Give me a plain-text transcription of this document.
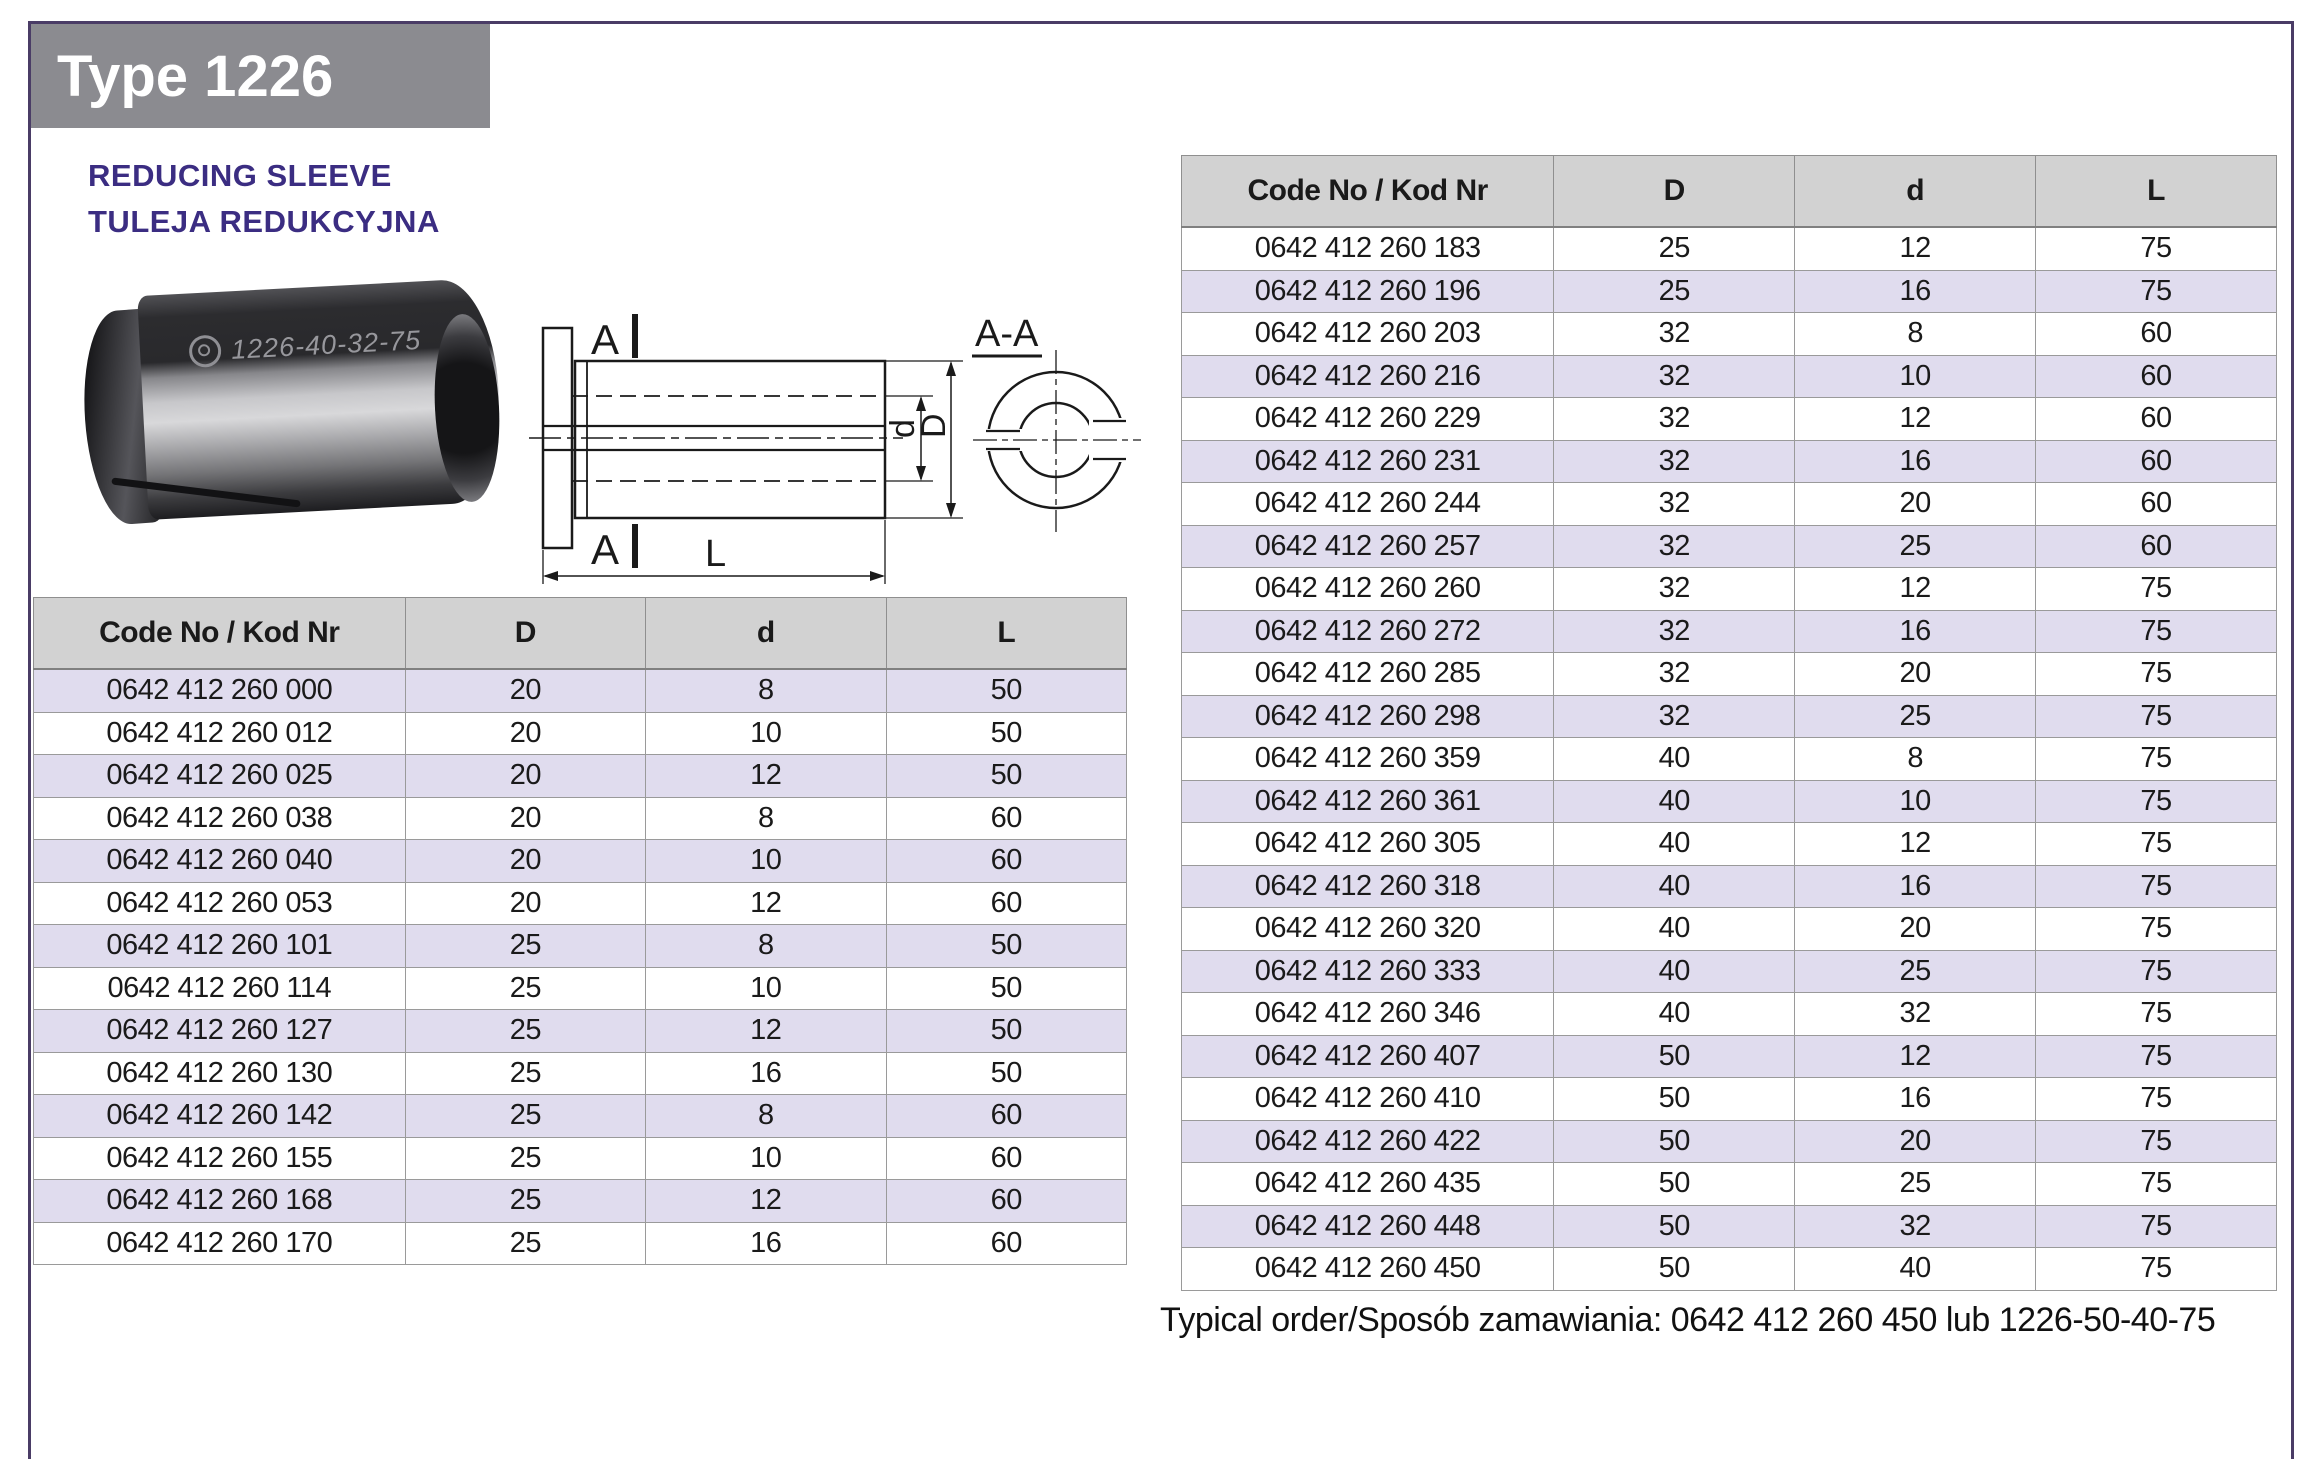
Type 1226
REDUCING SLEEVE
TULEJA REDUKCYJNA
1226-40-32-75	A
A
d
D
L
A-A
Code No / Kod Nr	D	d	L
0642 412 260 000	20	8	50
0642 412 260 012	20	10	50
0642 412 260 025	20	12	50
0642 412 260 038	20	8	60
0642 412 260 040	20	10	60
0642 412 260 053	20	12	60
0642 412 260 101	25	8	50
0642 412 260 114	25	10	50
0642 412 260 127	25	12	50
0642 412 260 130	25	16	50
0642 412 260 142	25	8	60
0642 412 260 155	25	10	60
0642 412 260 168	25	12	60
0642 412 260 170	25	16	60
Code No / Kod Nr	D	d	L
0642 412 260 183	25	12	75
0642 412 260 196	25	16	75
0642 412 260 203	32	8	60
0642 412 260 216	32	10	60
0642 412 260 229	32	12	60
0642 412 260 231	32	16	60
0642 412 260 244	32	20	60
0642 412 260 257	32	25	60
0642 412 260 260	32	12	75
0642 412 260 272	32	16	75
0642 412 260 285	32	20	75
0642 412 260 298	32	25	75
0642 412 260 359	40	8	75
0642 412 260 361	40	10	75
0642 412 260 305	40	12	75
0642 412 260 318	40	16	75
0642 412 260 320	40	20	75
0642 412 260 333	40	25	75
0642 412 260 346	40	32	75
0642 412 260 407	50	12	75
0642 412 260 410	50	16	75
0642 412 260 422	50	20	75
0642 412 260 435	50	25	75
0642 412 260 448	50	32	75
0642 412 260 450	50	40	75
Typical order/Sposób zamawiania: 0642 412 260 450 lub 1226-50-40-75
